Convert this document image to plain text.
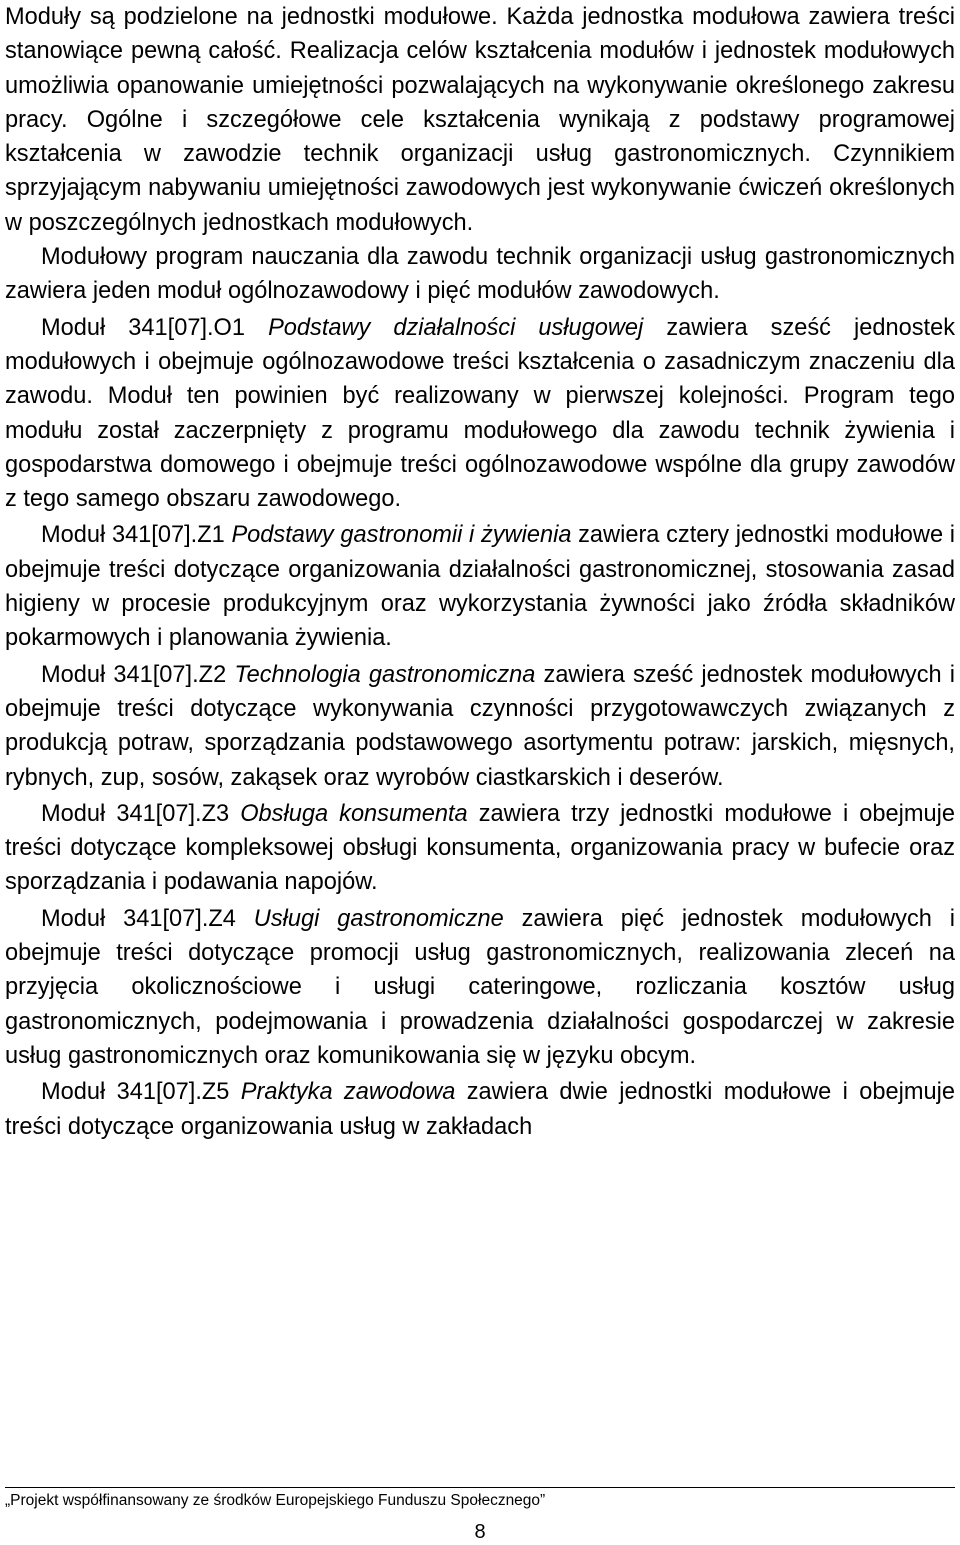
Moduły są podzielone na jednostki modułowe. Każda jednostka modułowa zawiera treści stanowiące pewną całość. Realizacja celów kształcenia modułów i jednostek modułowych umożliwia opanowanie umiejętności pozwalających na wykonywanie określonego zakresu pracy. Ogólne i szczegółowe cele kształcenia wynikają z podstawy programowej kształcenia w zawodzie technik organizacji usług gastronomicznych. Czynnikiem sprzyjającym nabywaniu umiejętności zawodowych jest wykonywanie ćwiczeń określonych w poszczególnych jednostkach modułowych.

Modułowy program nauczania dla zawodu technik organizacji usług gastronomicznych zawiera jeden moduł ogólnozawodowy i pięć modułów zawodowych.

Moduł 341[07].O1 Podstawy działalności usługowej zawiera sześć jednostek modułowych i obejmuje ogólnozawodowe treści kształcenia o zasadniczym znaczeniu dla zawodu. Moduł ten powinien być realizowany w pierwszej kolejności. Program tego modułu został zaczerpnięty z programu modułowego dla zawodu technik żywienia i gospodarstwa domowego i obejmuje treści ogólnozawodowe wspólne dla grupy zawodów z tego samego obszaru zawodowego.

Moduł 341[07].Z1 Podstawy gastronomii i żywienia zawiera cztery jednostki modułowe i obejmuje treści dotyczące organizowania działalności gastronomicznej, stosowania zasad higieny w procesie produkcyjnym oraz wykorzystania żywności jako źródła składników pokarmowych i planowania żywienia.

Moduł 341[07].Z2 Technologia gastronomiczna zawiera sześć jednostek modułowych i obejmuje treści dotyczące wykonywania czynności przygotowawczych związanych z produkcją potraw, sporządzania podstawowego asortymentu potraw: jarskich, mięsnych, rybnych, zup, sosów, zakąsek oraz wyrobów ciastkarskich i deserów.

Moduł 341[07].Z3 Obsługa konsumenta zawiera trzy jednostki modułowe i obejmuje treści dotyczące kompleksowej obsługi konsumenta, organizowania pracy w bufecie oraz sporządzania i podawania napojów.

Moduł 341[07].Z4 Usługi gastronomiczne zawiera pięć jednostek modułowych i obejmuje treści dotyczące promocji usług gastronomicznych, realizowania zleceń na przyjęcia okolicznościowe i usługi cateringowe, rozliczania kosztów usług gastronomicznych, podejmowania i prowadzenia działalności gospodarczej w zakresie usług gastronomicznych oraz komunikowania się w języku obcym.

Moduł 341[07].Z5 Praktyka zawodowa zawiera dwie jednostki modułowe i obejmuje treści dotyczące organizowania usług w zakładach

„Projekt współfinansowany ze środków Europejskiego Funduszu Społecznego”
8
